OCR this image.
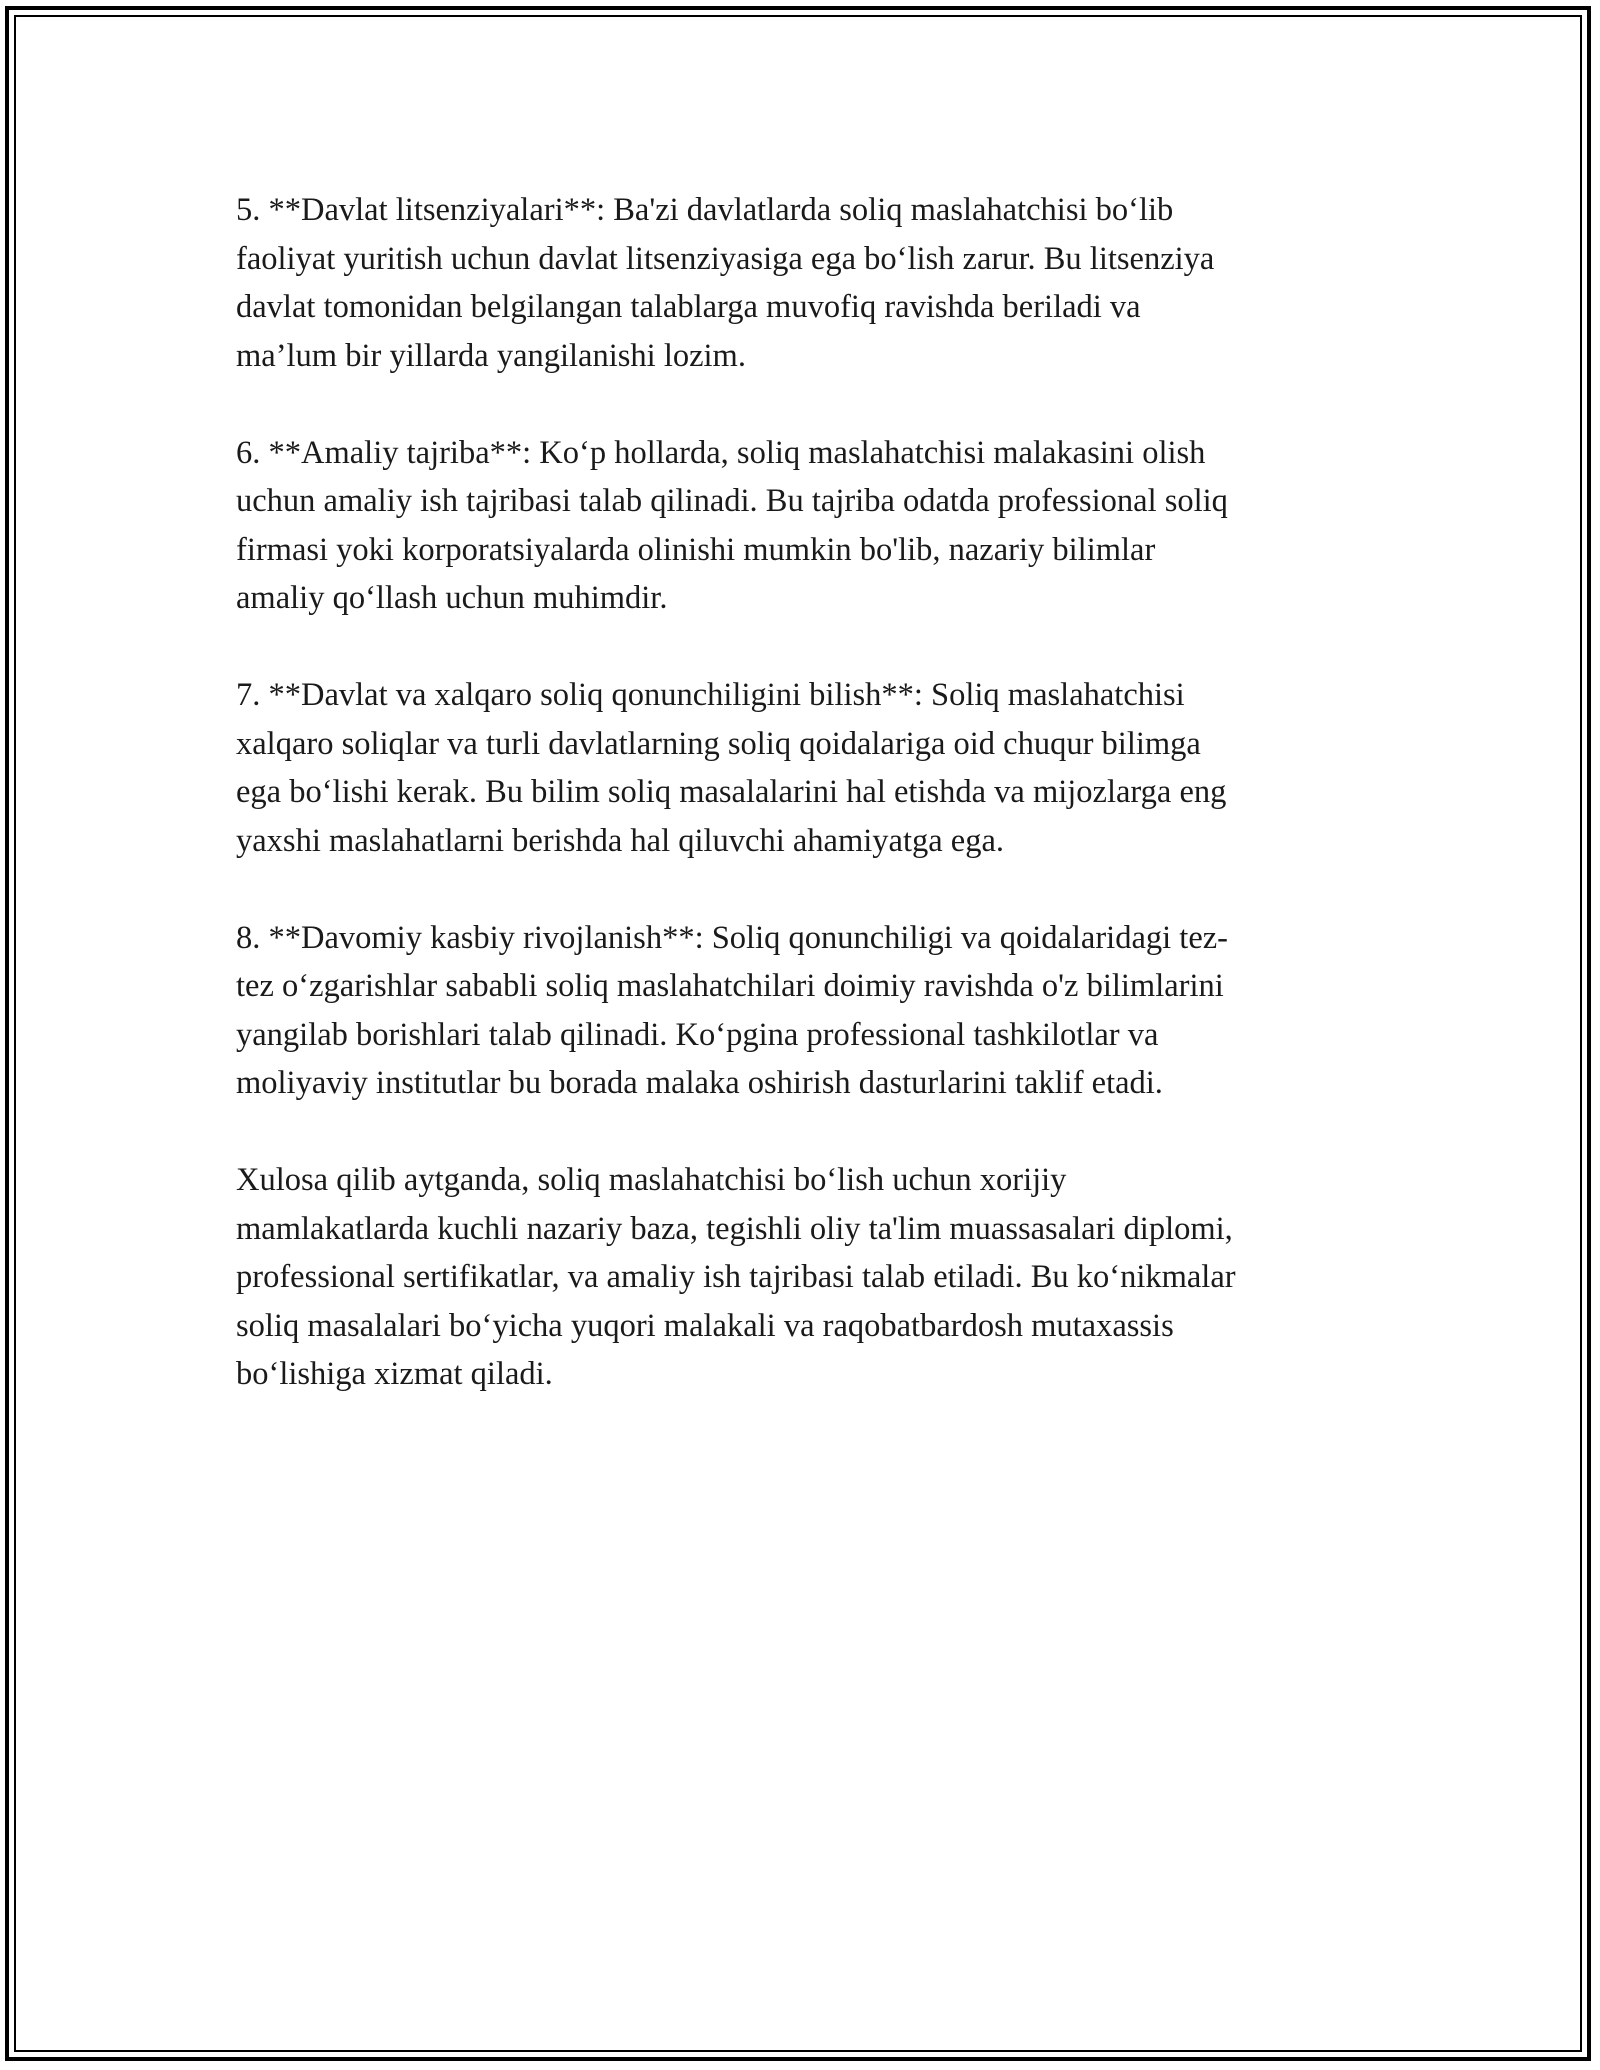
5. **Davlat litsenziyalari**: Ba'zi davlatlarda soliq maslahatchisi boʻlib
faoliyat yuritish uchun davlat litsenziyasiga ega boʻlish zarur. Bu litsenziya
davlat tomonidan belgilangan talablarga muvofiq ravishda beriladi va
ma’lum bir yillarda yangilanishi lozim.

6. **Amaliy tajriba**: Koʻp hollarda, soliq maslahatchisi malakasini olish
uchun amaliy ish tajribasi talab qilinadi. Bu tajriba odatda professional soliq
firmasi yoki korporatsiyalarda olinishi mumkin bo'lib, nazariy bilimlar
amaliy qoʻllash uchun muhimdir.

7. **Davlat va xalqaro soliq qonunchiligini bilish**: Soliq maslahatchisi
xalqaro soliqlar va turli davlatlarning soliq qoidalariga oid chuqur bilimga
ega boʻlishi kerak. Bu bilim soliq masalalarini hal etishda va mijozlarga eng
yaxshi maslahatlarni berishda hal qiluvchi ahamiyatga ega.

8. **Davomiy kasbiy rivojlanish**: Soliq qonunchiligi va qoidalaridagi tez-
tez oʻzgarishlar sababli soliq maslahatchilari doimiy ravishda o'z bilimlarini
yangilab borishlari talab qilinadi. Koʻpgina professional tashkilotlar va
moliyaviy institutlar bu borada malaka oshirish dasturlarini taklif etadi.

Xulosa qilib aytganda, soliq maslahatchisi boʻlish uchun xorijiy
mamlakatlarda kuchli nazariy baza, tegishli oliy ta'lim muassasalari diplomi,
professional sertifikatlar, va amaliy ish tajribasi talab etiladi. Bu koʻnikmalar
soliq masalalari boʻyicha yuqori malakali va raqobatbardosh mutaxassis
boʻlishiga xizmat qiladi.
